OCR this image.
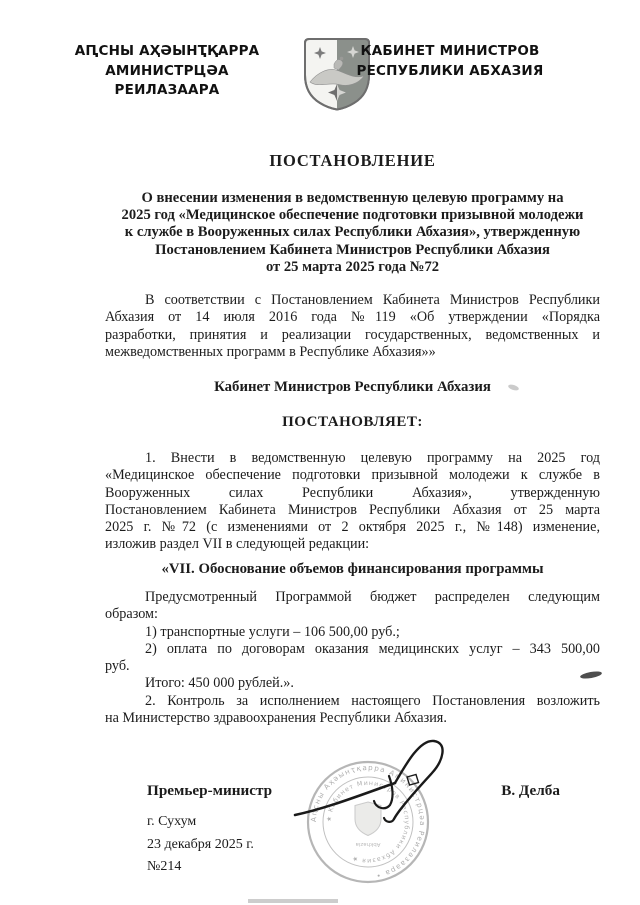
АԤСНЫ АҲӘЫНҬҚАРРА
АМИНИСТРЦӘА РЕИЛАЗААРА
КАБИНЕТ МИНИСТРОВ
РЕСПУБЛИКИ АБХАЗИЯ
ПОСТАНОВЛЕНИЕ
О внесении изменения в ведомственную целевую программу на
2025 год «Медицинское обеспечение подготовки призывной молодежи
к службе в Вооруженных силах Республики Абхазия», утвержденную
Постановлением Кабинета Министров Республики Абхазия
от 25 марта 2025 года №72
В соответствии с Постановлением Кабинета Министров Республики
Абхазия от 14 июля 2016 года №119 «Об утверждении «Порядка
разработки, принятия и реализации государственных, ведомственных и
межведомственных программ в Республике Абхазия»»
Кабинет Министров Республики Абхазия
ПОСТАНОВЛЯЕТ:
1. Внести в ведомственную целевую программу на 2025 год
«Медицинское обеспечение подготовки призывной молодежи к службе в
Вооруженных силах Республики Абхазия», утвержденную
Постановлением Кабинета Министров Республики Абхазия от 25 марта
2025 г. №72 (с изменениями от 2 октября 2025 г., №148) изменение,
изложив раздел VII в следующей редакции:
«VII. Обоснование объемов финансирования программы
Предусмотренный Программой бюджет распределен следующим
образом:
1) транспортные услуги – 106 500,00 руб.;
2) оплата по договорам оказания медицинских услуг – 343 500,00
руб.
Итого: 450 000 рублей.».
2. Контроль за исполнением настоящего Постановления возложить
на Министерство здравоохранения Республики Абхазия.
Премьер-министр	В. Делба
Аԥсны Аҳәынҭқарра Аминистрцәа Реилазаара •
★ Кабинет Министров Республики Абхазия ★
Abkhazia
г. Сухум
23 декабря 2025 г.
№214
